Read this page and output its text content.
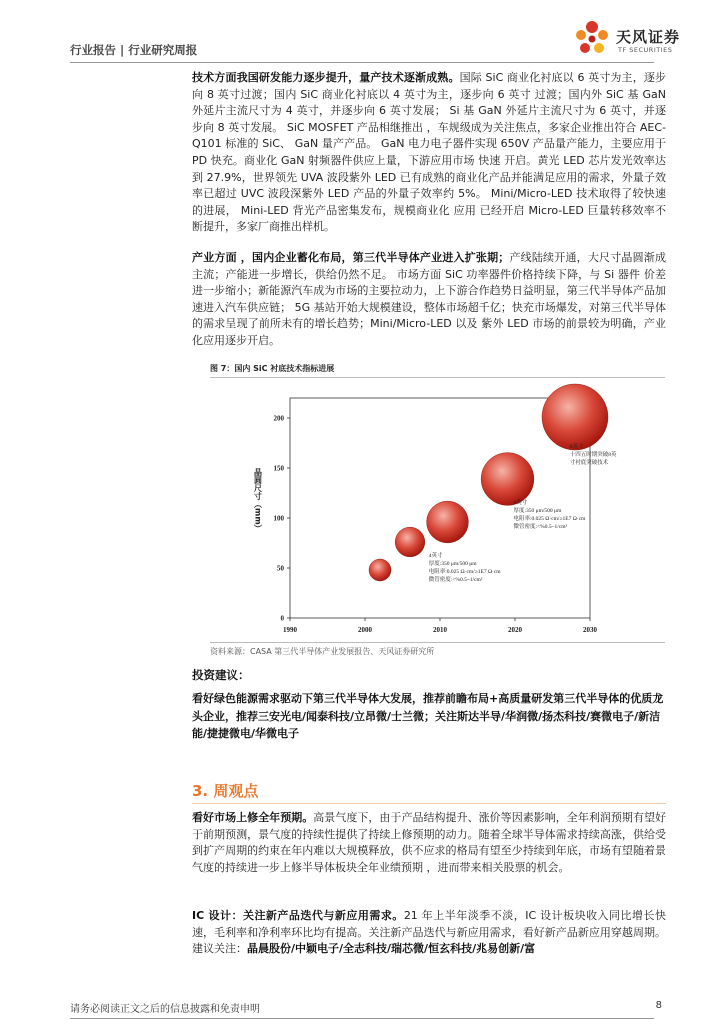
行业报告 | 行业研究周报
天风证券
TF SECURITIES

技术方面我国研发能力逐步提升，量产技术逐渐成熟。国际 SiC 商业化衬底以 6 英寸为主，逐步向 8 英寸过渡；国内 SiC 商业化衬底以 4 英寸为主，逐步向 6 英寸 过渡；国内外 SiC 基 GaN 外延片主流尺寸为 4 英寸，并逐步向 6 英寸发展； Si 基 GaN 外延片主流尺寸为 6 英寸，并逐步向 8 英寸发展。 SiC MOSFET 产品相继推出 ，车规级成为关注焦点，多家企业推出符合 AEC-Q101 标准的 SiC、 GaN 量产产品。 GaN 电力电子器件实现 650V 产品量产能力，主要应用于 PD 快充。商业化 GaN 射频器件供应上量，下游应用市场 快速 开启。黄光 LED 芯片发光效率达到 27.9%，世界领先 UVA 波段紫外 LED 已有成熟的商业化产品并能满足应用的需求，外量子效率已超过 UVC 波段深紫外 LED 产品的外量子效率约 5%。 Mini/Micro-LED 技术取得了较快速的进展， Mini-LED 背光产品密集发布，规模商业化 应用 已经开启 Micro-LED 巨量转移效率不断提升，多家厂商推出样机。

产业方面 ，国内企业蓄化布局，第三代半导体产业进入扩张期；产线陆续开通，大尺寸晶圆渐成主流；产能进一步增长，供给仍然不足。 市场方面 SiC 功率器件价格持续下降，与 Si 器件 价差进一步缩小；新能源汽车成为市场的主要拉动力，上下游合作趋势日益明显，第三代半导体产品加速进入汽车供应链； 5G 基站开始大规模建设，整体市场超千亿；快充市场爆发，对第三代半导体的需求呈现了前所未有的增长趋势；Mini/Micro-LED 以及 紫外 LED 市场的前景较为明确，产业化应用逐步开启。

图 7：国内 SiC 衬底技术指标进展
1990	2000	2010	2020	2030
0
50
100
150
200
晶圆尺寸（mm）
4英寸
厚度:350 μm/500 μm
电阻率:0.025 Ω·cm/≥1E7 Ω·cm
微管密度:<%0.5~1/cm²
6英寸
厚度:350 μm/500 μm
电阻率:0.025 Ω·cm/≥1E7 Ω·cm
微管密度:<%0.5~1/cm²
8英寸
十四五时期突破8英
寸衬底突破技术
资料来源：CASA 第三代半导体产业发展报告、天风证券研究所
投资建议：

看好绿色能源需求驱动下第三代半导体大发展，推荐前瞻布局+高质量研发第三代半导体的优质龙头企业，推荐三安光电/闻泰科技/立昂微/士兰微；关注斯达半导/华润微/扬杰科技/赛微电子/新洁能/捷捷微电/华微电子

3. 周观点

看好市场上修全年预期。高景气度下，由于产品结构提升、涨价等因素影响，全年利润预期有望好于前期预测，景气度的持续性提供了持续上修预期的动力。随着全球半导体需求持续高涨，供给受到扩产周期的约束在年内难以大规模释放，供不应求的格局有望至少持续到年底，市场有望随着景气度的持续进一步上修半导体板块全年业绩预期 ，进而带来相关股票的机会。

IC 设计：关注新产品迭代与新应用需求。21 年上半年淡季不淡，IC 设计板块收入同比增长快速，毛利率和净利率环比均有提高。关注新产品迭代与新应用需求，看好新产品新应用穿越周期。建议关注：晶晨股份/中颖电子/全志科技/瑞芯微/恒玄科技/兆易创新/富

请务必阅读正文之后的信息披露和免责申明	8
